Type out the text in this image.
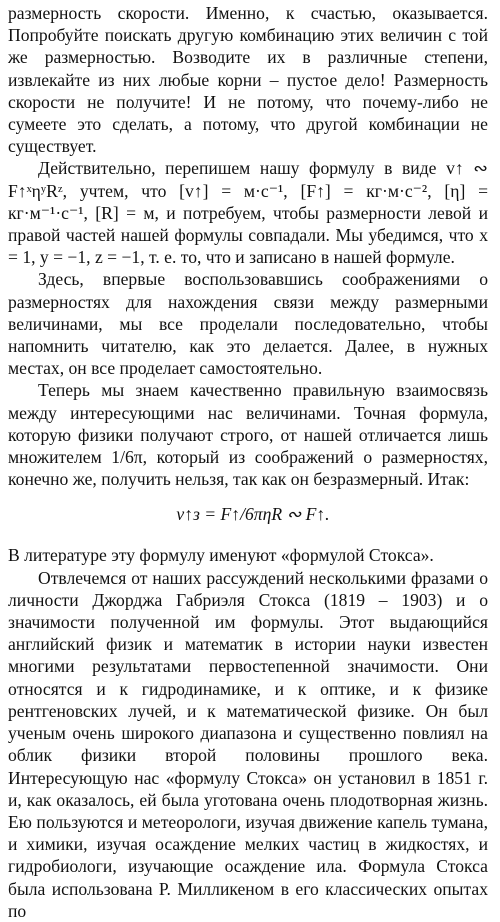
размерность скорости. Именно, к счастью, оказывается. Попробуйте поискать другую комбинацию этих величин с той же размерностью. Возводите их в различные степени, извлекайте из них любые корни – пустое дело! Размерность скорости не получите! И не потому, что почему-либо не сумеете это сделать, а потому, что другой комбинации не существует.

Действительно, перепишем нашу формулу в виде v↑ ∾ F↑ˣηʸRᶻ, учтем, что [v↑] = м·с⁻¹, [F↑] = кг·м·с⁻², [η] = кг·м⁻¹·с⁻¹, [R] = м, и потребуем, чтобы размерности левой и правой частей нашей формулы совпадали. Мы убедимся, что x = 1, y = −1, z = −1, т. е. то, что и записано в нашей формуле.

Здесь, впервые воспользовавшись соображениями о размерностях для нахождения связи между размерными величинами, мы все проделали последовательно, чтобы напомнить читателю, как это делается. Далее, в нужных местах, он все проделает самостоятельно.

Теперь мы знаем качественно правильную взаимосвязь между интересующими нас величинами. Точная формула, которую физики получают строго, от нашей отличается лишь множителем 1/6π, который из соображений о размерностях, конечно же, получить нельзя, так как он безразмерный. Итак:

v↑з = F↑/6πηR ∾ F↑.

В литературе эту формулу именуют «формулой Стокса».

Отвлечемся от наших рассуждений несколькими фразами о личности Джорджа Габриэля Стокса (1819 – 1903) и о значимости полученной им формулы. Этот выдающийся английский физик и математик в истории науки известен многими результатами первостепенной значимости. Они относятся и к гидродинамике, и к оптике, и к физике рентгеновских лучей, и к математической физике. Он был ученым очень широкого диапазона и существенно повлиял на облик физики второй половины прошлого века. Интересующую нас «формулу Стокса» он установил в 1851 г. и, как оказалось, ей была уготована очень плодотворная жизнь. Ею пользуются и метеорологи, изучая движение капель тумана, и химики, изучая осаждение мелких частиц в жидкостях, и гидробиологи, изучающие осаждение ила. Формула Стокса была использована Р. Милликеном в его классических опытах по
